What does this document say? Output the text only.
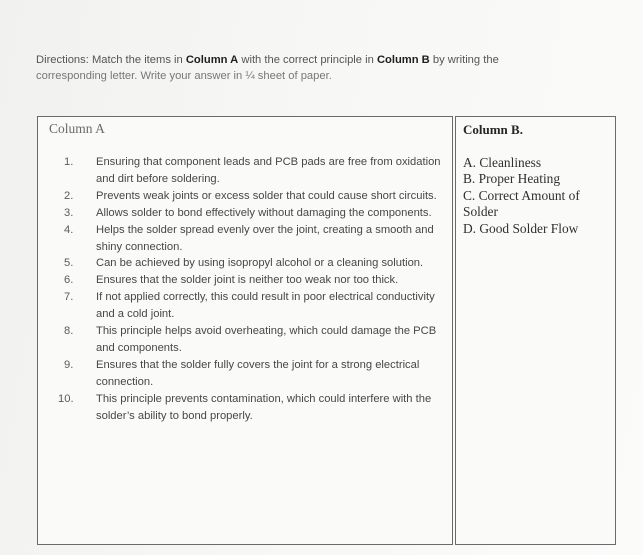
Directions: Match the items in Column A with the correct principle in Column B by writing the
corresponding letter. Write your answer in ¼ sheet of paper.
Column A
1.	Ensuring that component leads and PCB pads are free from oxidation and dirt before soldering.
2.	Prevents weak joints or excess solder that could cause short circuits.
3.	Allows solder to bond effectively without damaging the components.
4.	Helps the solder spread evenly over the joint, creating a smooth and shiny connection.
5.	Can be achieved by using isopropyl alcohol or a cleaning solution.
6.	Ensures that the solder joint is neither too weak nor too thick.
7.	If not applied correctly, this could result in poor electrical conductivity and a cold joint.
8.	This principle helps avoid overheating, which could damage the PCB and components.
9.	Ensures that the solder fully covers the joint for a strong electrical connection.
10.	This principle prevents contamination, which could interfere with the solder’s ability to bond properly.
Column B.
A. Cleanliness
B. Proper Heating
C. Correct Amount of Solder
D. Good Solder Flow
